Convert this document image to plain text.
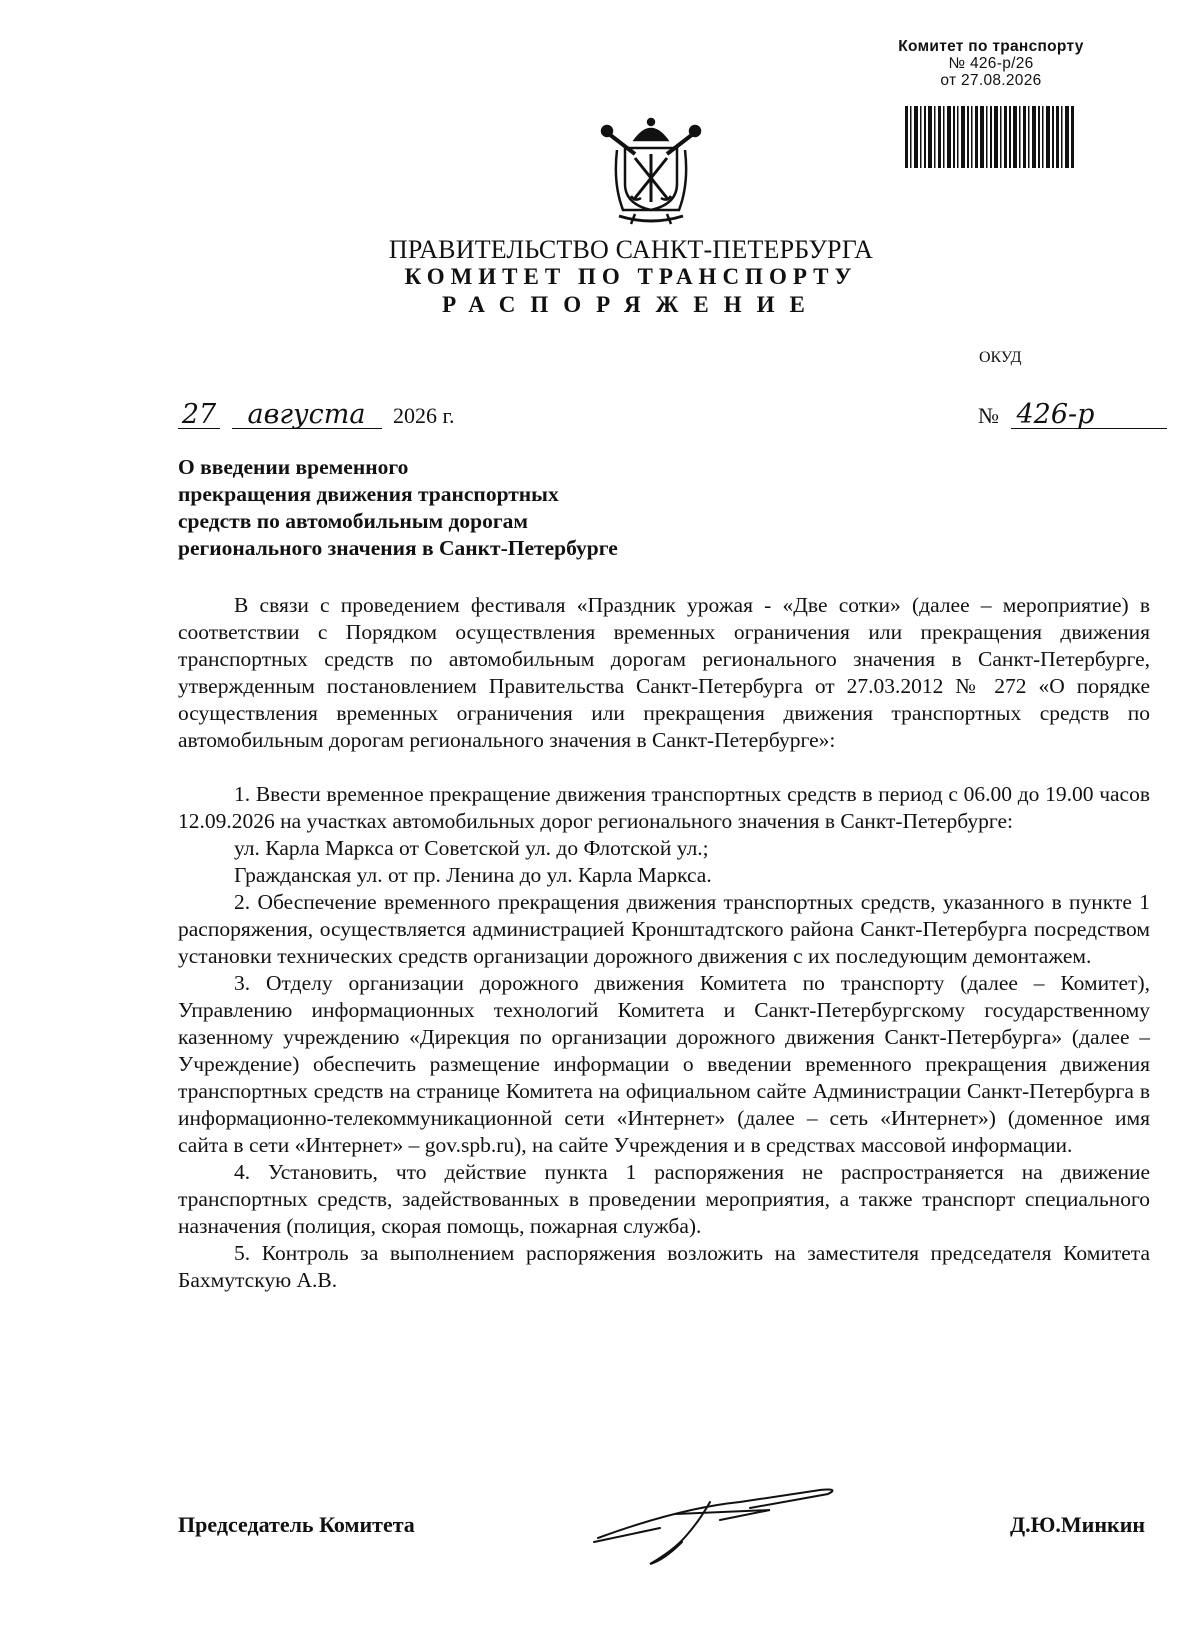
Комитет по транспорту
№ 426-р/26
от 27.08.2026
ПРАВИТЕЛЬСТВО САНКТ-ПЕТЕРБУРГА
КОМИТЕТ ПО ТРАНСПОРТУ
РАСПОРЯЖЕНИЕ
ОКУД
27 августа 2026 г.	№ 426-р
О введении временного
прекращения движения транспортных
средств по автомобильным дорогам
регионального значения в Санкт-Петербурге

В связи с проведением фестиваля «Праздник урожая - «Две сотки» (далее – мероприятие) в соответствии с Порядком осуществления временных ограничения или прекращения движения транспортных средств по автомобильным дорогам регионального значения в Санкт-Петербурге, утвержденным постановлением Правительства Санкт-Петербурга от 27.03.2012 № 272 «О порядке осуществления временных ограничения или прекращения движения транспортных средств по автомобильным дорогам регионального значения в Санкт-Петербурге»:

1. Ввести временное прекращение движения транспортных средств в период с 06.00 до 19.00 часов 12.09.2026 на участках автомобильных дорог регионального значения в Санкт-Петербурге:

ул. Карла Маркса от Советской ул. до Флотской ул.;

Гражданская ул. от пр. Ленина до ул. Карла Маркса.

2. Обеспечение временного прекращения движения транспортных средств, указанного в пункте 1 распоряжения, осуществляется администрацией Кронштадтского района Санкт-Петербурга посредством установки технических средств организации дорожного движения с их последующим демонтажем.

3. Отделу организации дорожного движения Комитета по транспорту (далее – Комитет), Управлению информационных технологий Комитета и Санкт-Петербургскому государственному казенному учреждению «Дирекция по организации дорожного движения Санкт-Петербурга» (далее – Учреждение) обеспечить размещение информации о введении временного прекращения движения транспортных средств на странице Комитета на официальном сайте Администрации Санкт-Петербурга в информационно-телекоммуникационной сети «Интернет» (далее – сеть «Интернет») (доменное имя сайта в сети «Интернет» – gov.spb.ru), на сайте Учреждения и в средствах массовой информации.

4. Установить, что действие пункта 1 распоряжения не распространяется на движение транспортных средств, задействованных в проведении мероприятия, а также транспорт специального назначения (полиция, скорая помощь, пожарная служба).

5. Контроль за выполнением распоряжения возложить на заместителя председателя Комитета Бахмутскую А.В.

Председатель Комитета	Д.Ю.Минкин
